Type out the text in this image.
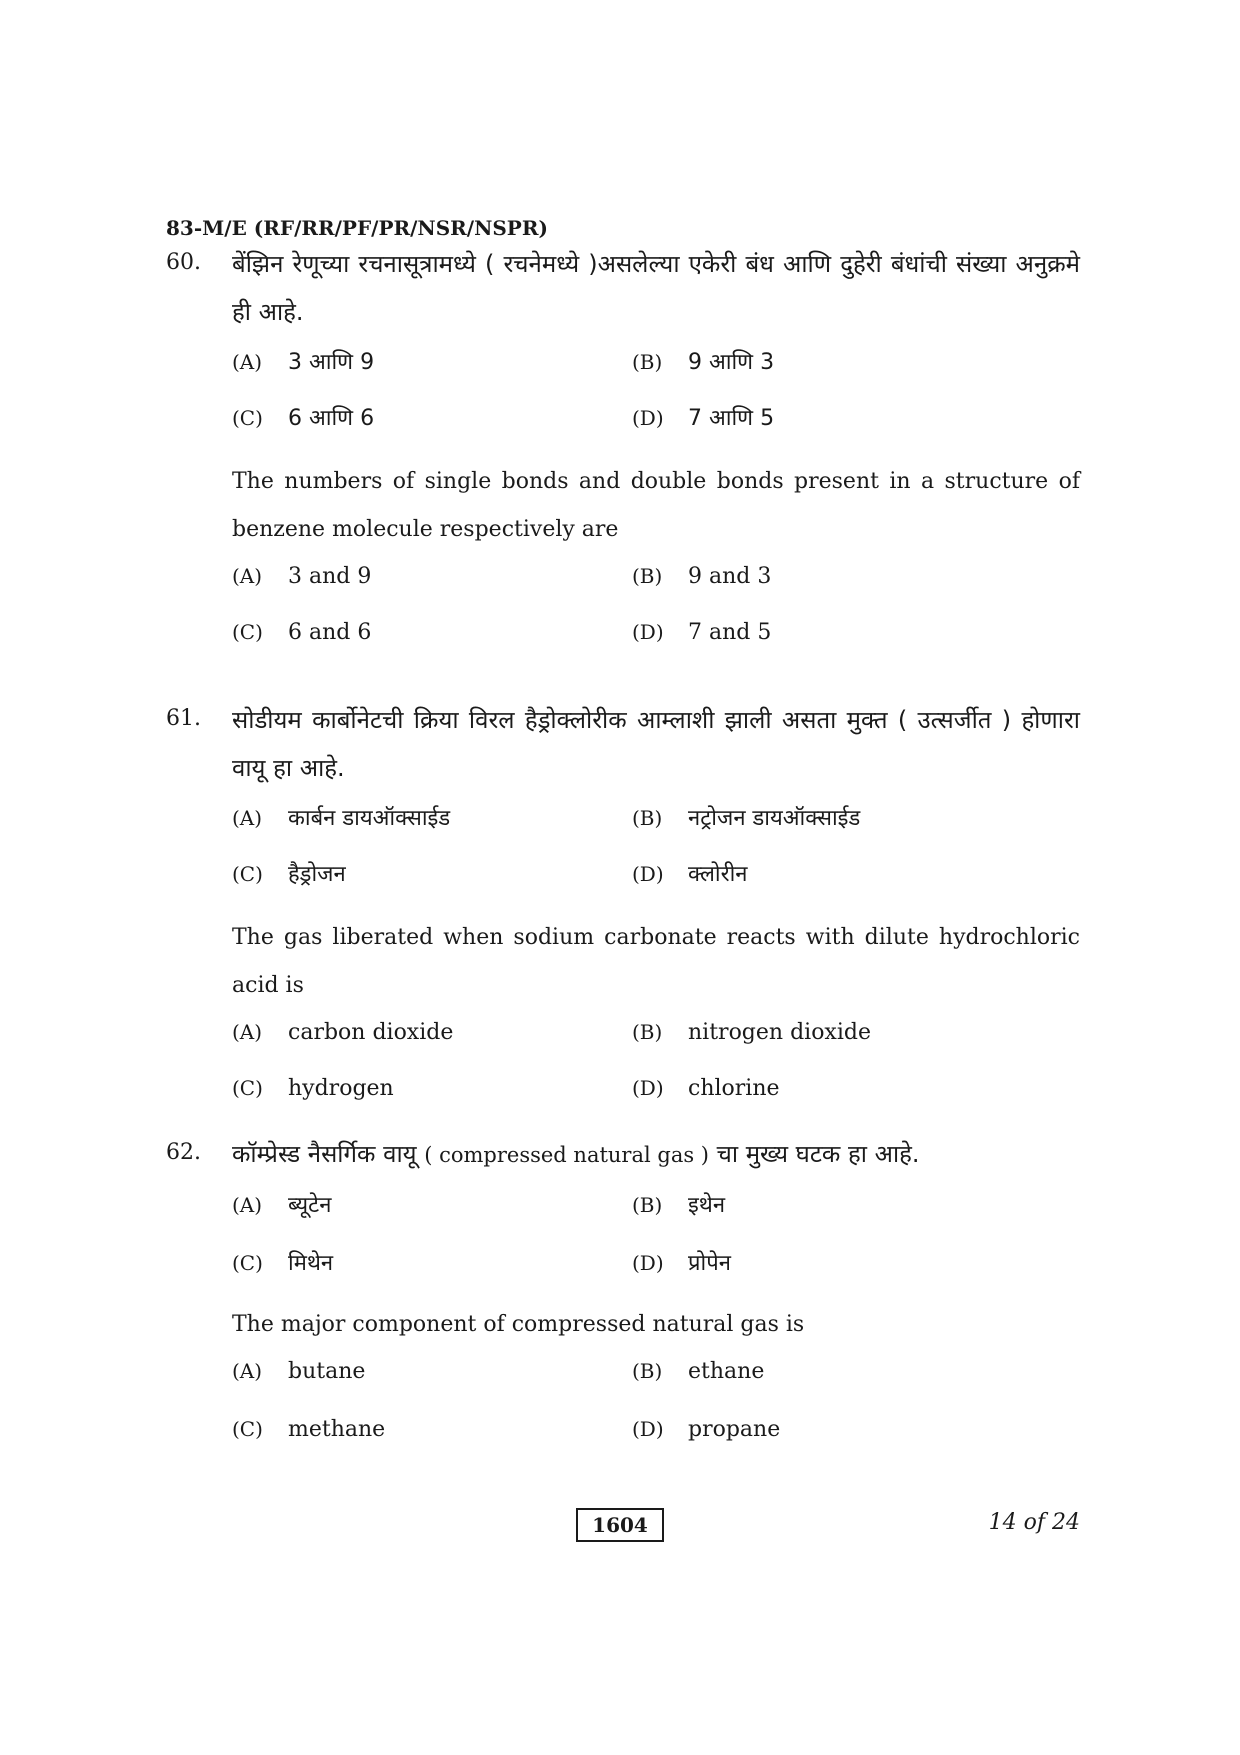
83-M/E (RF/RR/PF/PR/NSR/NSPR)
60. बेंझिन रेणूच्या रचनासूत्रामध्ये ( रचनेमध्ये )असलेल्या एकेरी बंध आणि दुहेरी बंधांची संख्या अनुक्रमे ही आहे.
(A)	3 आणि 9	(B)	9 आणि 3
(C)	6 आणि 6	(D)	7 आणि 5
The numbers of single bonds and double bonds present in a structure of benzene molecule respectively are
(A)	3 and 9	(B)	9 and 3
(C)	6 and 6	(D)	7 and 5
61. सोडीयम कार्बोनेटची क्रिया विरल हैड्रोक्लोरीक आम्लाशी झाली असता मुक्त ( उत्सर्जीत ) होणारा वायू हा आहे.
(A)	कार्बन डायऑक्साईड	(B)	नट्रोजन डायऑक्साईड
(C)	हैड्रोजन	(D)	क्लोरीन
The gas liberated when sodium carbonate reacts with dilute hydrochloric acid is
(A)	carbon dioxide	(B)	nitrogen dioxide
(C)	hydrogen	(D)	chlorine
62. कॉम्प्रेस्ड नैसर्गिक वायू ( compressed natural gas ) चा मुख्य घटक हा आहे.
(A)	ब्यूटेन	(B)	इथेन
(C)	मिथेन	(D)	प्रोपेन
The major component of compressed natural gas is
(A)	butane	(B)	ethane
(C)	methane	(D)	propane
1604	14 of 24
